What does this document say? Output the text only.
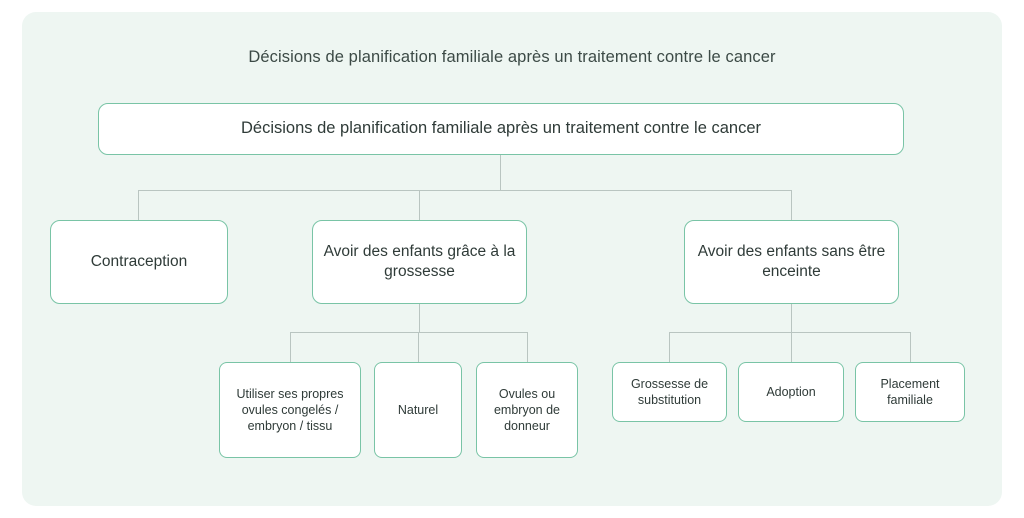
Décisions de planification familiale après un traitement contre le cancer
Décisions de planification familiale après un traitement contre le cancer
Contraception
Avoir des enfants grâce à la grossesse
Avoir des enfants sans être enceinte
Utiliser ses propres ovules congelés / embryon / tissu
Naturel
Ovules ou embryon de donneur
Grossesse de substitution
Adoption
Placement familiale
